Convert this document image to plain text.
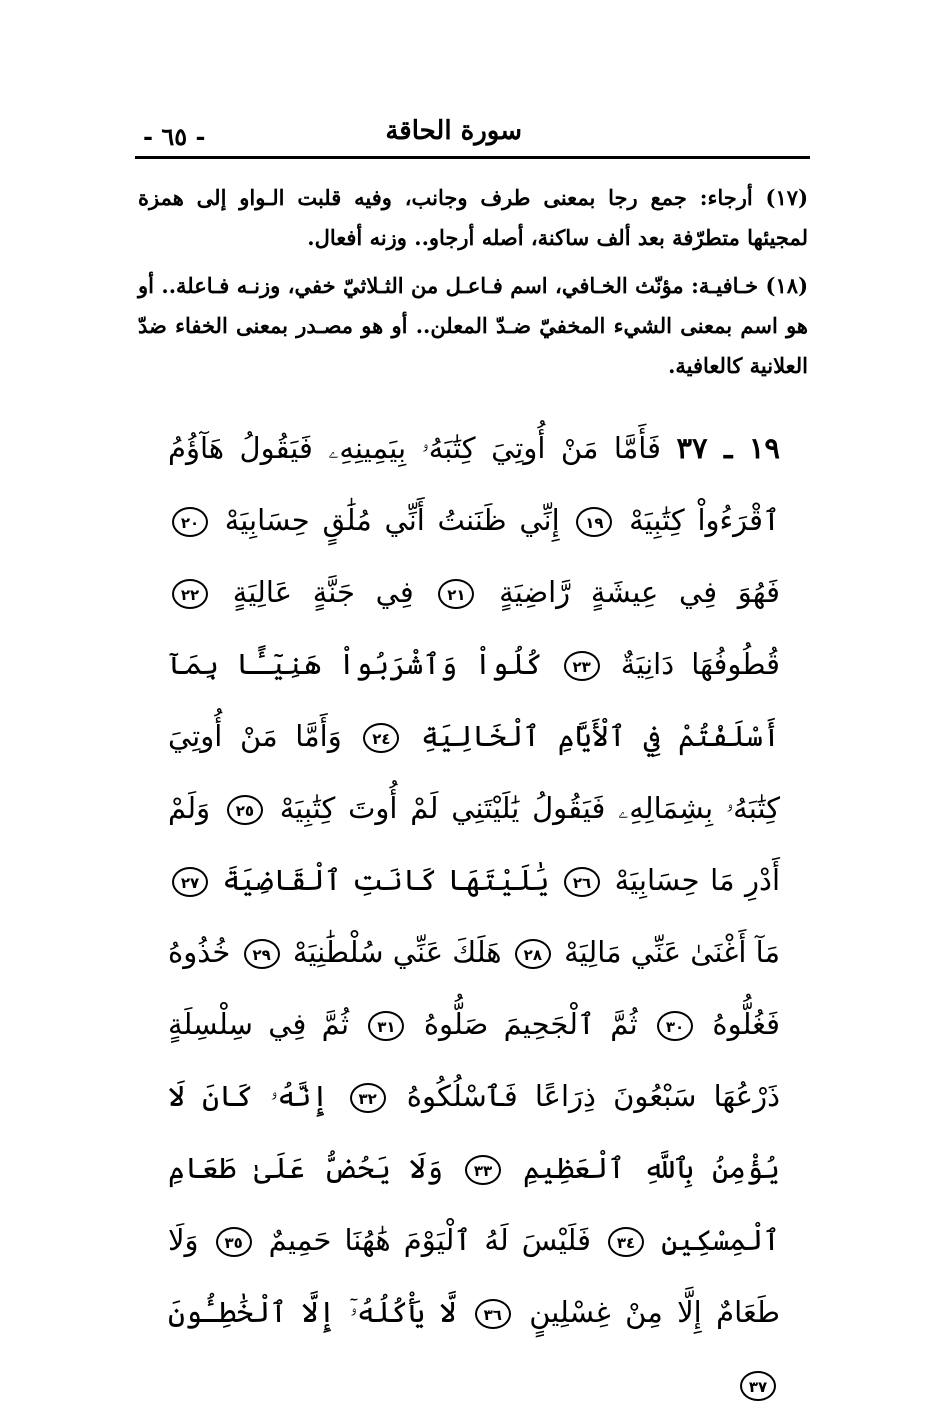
سورة الحاقة
- ٦٥ -

(١٧) أرجاء: جمع رجا بمعنى طرف وجانب، وفيه قلبت الـواو إلى همزة لمجيئها متطرّفة بعد ألف ساكنة، أصله أرجاو.. وزنه أفعال.

(١٨) خـافيـة: مؤنّث الخـافي، اسم فـاعـل من الثـلاثيّ خفي، وزنـه فـاعلة.. أو هو اسم بمعنى الشيء المخفيّ ضـدّ المعلن.. أو هو مصـدر بمعنى الخفاء ضدّ العلانية كالعافية.

١٩ ـ ٣٧ فَأَمَّا مَنْ أُوتِيَ كِتَٰبَهُۥ بِيَمِينِهِۦ فَيَقُولُ هَآؤُمُ ٱقْرَءُواْ كِتَٰبِيَهْ ١٩ إِنِّي ظَنَنتُ أَنِّي مُلَٰقٍ حِسَابِيَهْ ٢٠ فَهُوَ فِي عِيشَةٍ رَّاضِيَةٍ ٢١ فِي جَنَّةٍ عَالِيَةٍ ٢٢ قُطُوفُهَا دَانِيَةٌ ٢٣ كُلُواْ وَٱشْرَبُواْ هَنِيٓـًٔا بِمَآ أَسْلَفْتُمْ فِي ٱلْأَيَّامِ ٱلْخَالِيَةِ ٢٤ وَأَمَّا مَنْ أُوتِيَ كِتَٰبَهُۥ بِشِمَالِهِۦ فَيَقُولُ يَٰلَيْتَنِي لَمْ أُوتَ كِتَٰبِيَهْ ٢٥ وَلَمْ أَدْرِ مَا حِسَابِيَهْ ٢٦ يَٰلَيْتَهَا كَانَتِ ٱلْقَاضِيَةَ ٢٧ مَآ أَغْنَىٰ عَنِّي مَالِيَهْ ٢٨ هَلَكَ عَنِّي سُلْطَٰنِيَهْ ٢٩ خُذُوهُ فَغُلُّوهُ ٣٠ ثُمَّ ٱلْجَحِيمَ صَلُّوهُ ٣١ ثُمَّ فِي سِلْسِلَةٍ ذَرْعُهَا سَبْعُونَ ذِرَاعًا فَٱسْلُكُوهُ ٣٢ إِنَّهُۥ كَانَ لَا يُؤْمِنُ بِٱللَّهِ ٱلْعَظِيمِ ٣٣ وَلَا يَحُضُّ عَلَىٰ طَعَامِ ٱلْمِسْكِينِ ٣٤ فَلَيْسَ لَهُ ٱلْيَوْمَ هَٰهُنَا حَمِيمٌ ٣٥ وَلَا طَعَامٌ إِلَّا مِنْ غِسْلِينٍ ٣٦ لَّا يَأْكُلُهُۥٓ إِلَّا ٱلْخَٰطِـُٔونَ ٣٧
